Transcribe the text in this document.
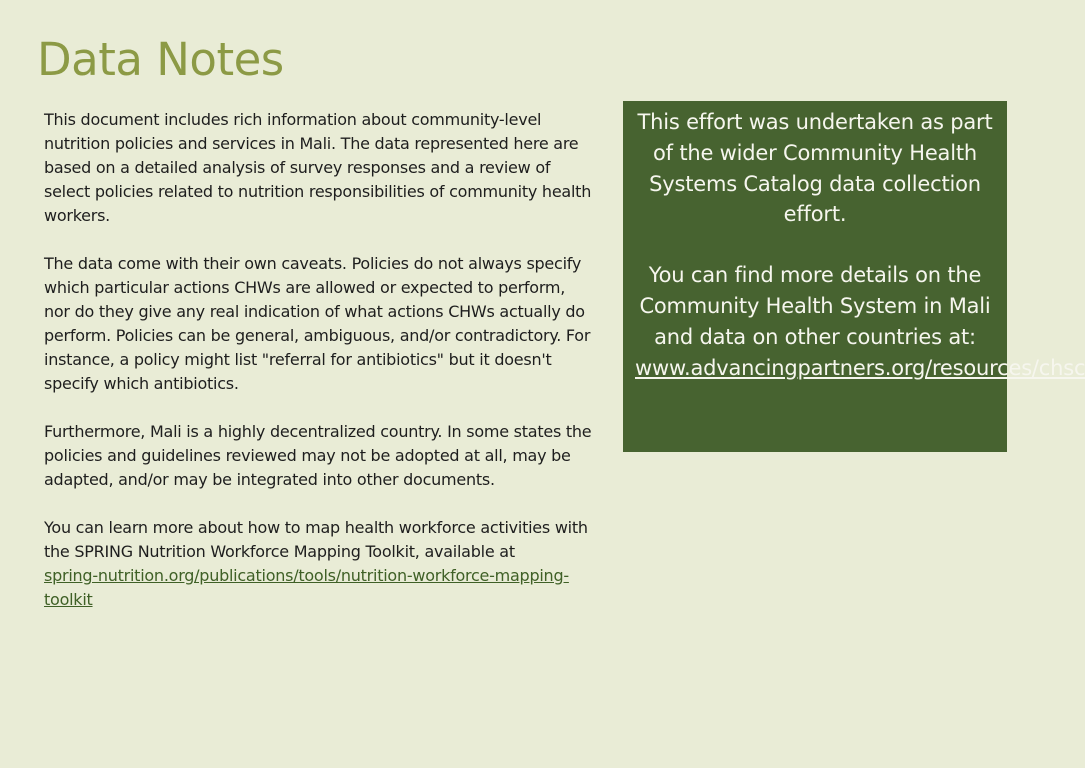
Data Notes

This document includes rich information about community-level nutrition policies and services in Mali. The data represented here are based on a detailed analysis of survey responses and a review of select policies related to nutrition responsibilities of community health workers.

The data come with their own caveats. Policies do not always specify which particular actions CHWs are allowed or expected to perform, nor do they give any real indication of what actions CHWs actually do perform. Policies can be general, ambiguous, and/or contradictory. For instance, a policy might list "referral for antibiotics" but it doesn't specify which antibiotics.

Furthermore, Mali is a highly decentralized country. In some states the policies and guidelines reviewed may not be adopted at all, may be adapted, and/or may be integrated into other documents.

You can learn more about how to map health workforce activities with the SPRING Nutrition Workforce Mapping Toolkit, available at
spring-nutrition.org/publications/tools/nutrition-workforce-mapping-toolkit

This effort was undertaken as part of the wider Community Health Systems Catalog data collection effort.

You can find more details on the Community Health System in Mali and data on other countries at:
www.advancingpartners.org/resources/chsc
